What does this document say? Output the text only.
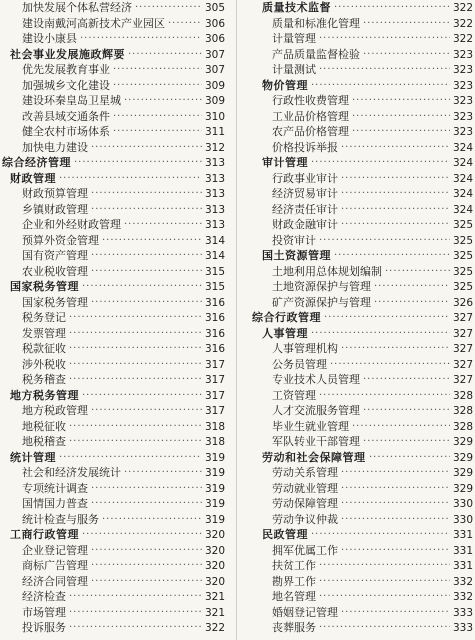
加快发展个体私营经济 ·····	305
建设南戴河高新技术产业园区 ·····	306
建设小康县 ·····	306
社会事业发展施政辉要 ·····	307
优先发展教育事业 ·····	307
加强城乡文化建设 ·····	309
建设环秦皇岛卫星城 ·····	309
改善县域交通条件 ·····	310
健全农村市场体系 ·····	311
加快电力建设 ·····	312
综合经济管理 ·····	313
财政管理 ·····	313
财政预算管理 ·····	313
乡镇财政管理 ·····	313
企业和外经财政管理 ·····	313
预算外资金管理 ·····	314
国有资产管理 ·····	314
农业税收管理 ·····	315
国家税务管理 ·····	315
国家税务管理 ·····	316
税务登记 ·····	316
发票管理 ·····	316
税款征收 ·····	316
涉外税收 ·····	317
税务稽查 ·····	317
地方税务管理 ·····	317
地方税政管理 ·····	317
地税征收 ·····	318
地税稽查 ·····	318
统计管理 ·····	319
社会和经济发展统计 ·····	319
专项统计调查 ·····	319
国情国力普查 ·····	319
统计检查与服务 ·····	319
工商行政管理 ·····	320
企业登记管理 ·····	320
商标广告管理 ·····	320
经济合同管理 ·····	320
经济检查 ·····	321
市场管理 ·····	321
投诉服务 ·····	322
质量技术监督 ·····	322
质量和标准化管理 ·····	322
计量管理 ·····	322
产品质量监督检验 ·····	323
计量测试 ·····	323
物价管理 ·····	323
行政性收费管理 ·····	323
工业品价格管理 ·····	323
农产品价格管理 ·····	323
价格投诉举报 ·····	324
审计管理 ·····	324
行政事业审计 ·····	324
经济贸易审计 ·····	324
经济责任审计 ·····	324
财政金融审计 ·····	325
投资审计 ·····	325
国土资源管理 ·····	325
土地利用总体规划编制 ·····	325
土地资源保护与管理 ·····	325
矿产资源保护与管理 ·····	326
综合行政管理 ·····	327
人事管理 ·····	327
人事管理机构 ·····	327
公务员管理 ·····	327
专业技术人员管理 ·····	327
工资管理 ·····	328
人才交流服务管理 ·····	328
毕业生就业管理 ·····	328
军队转业干部管理 ·····	329
劳动和社会保障管理 ·····	329
劳动关系管理 ·····	329
劳动就业管理 ·····	329
劳动保障管理 ·····	330
劳动争议仲裁 ·····	330
民政管理 ·····	331
拥军优属工作 ·····	331
扶贫工作 ·····	331
勘界工作 ·····	332
地名管理 ·····	332
婚姻登记管理 ·····	333
丧葬服务 ·····	333
